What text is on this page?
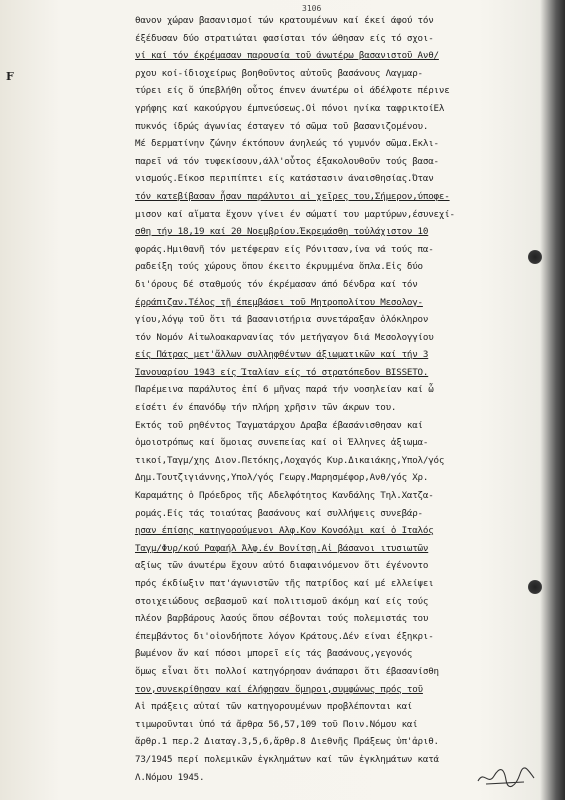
3106
F
θανον χώραν βασανισμοί τών κρατουμένων καί έκεί άφού τόν
έξέδυσαν δύο στρατιώται φασίσται τόν ώθησαν είς τό σχοι-
νί καί τόν έκρέμασαν παρουσία τοῦ άνωτέρω βασανιστοῦ Ανθ/
ρχου κοί-ίδιοχείρως βοηθοῦντος αὐτοῦς βασάνους Λαγμαρ-
τύρει είς ὅ ύπεβλήθη οὗτος έπνεν άνωτέρω οἱ άδέλφοτε πέρινε
γρήφης καί κακούργου έμπνεύσεως.Οἱ πόνοι ηνίκα ταφρικτοίΕλ
πυκνός ίδρώς άγωνίας έσταγεν τό σῶμα τοῦ βασανιζομένου.
Μέ δερματίνην ζώνην έκτόπουν άνηλεώς τό γυμνόν σῶμα.Εκλι-
παρεῖ νά τόν τυφεκίσουν,άλλ'οὗτος έξακολουθοῦν τούς βασα-
νισμούς.Είκοσ περιπίπτει είς κατάστασιν άναισθησίας.Όταν
τόν κατεβίβασαν ἦσαν παράλυτοι αἱ χεῖρες του,Σήμερον,ύποφε-
μισον καί αἵματα ἔχουν γίνει έν σώματί του μαρτύρων,έσυνεχί-
σθη τήν 18,19 καί 20 Νοεμβρίου.Έκρεμάσθη τοὐλάχιστον 10
φοράς.Ημιθανῆ τόν μετέφεραν είς Ρόνιτσαν,ίνα νά τούς πα-
ραδείξη τούς χώρους ὅπου έκειτο έκρυμμένα ὅπλα.Εἰς δύο
δι'όρους δέ σταθμούς τόν έκρέμασαν άπό δένδρα καί τόν
έρράπιζαν.Τέλος τῇ έπεμβάσει τοῦ Μητροπολίτου Μεσολογ-
γίου,λόγῳ τοῦ ὅτι τά βασανιστήρια συνετάραξαν ὁλόκληρον
τόν Νομόν Αἰτωλοακαρνανίας τόν μετήγαγον διά Μεσολογγίου
είς Πάτρας μετ'ἄλλων συλληφθέντων άξιωματικῶν καί τήν 3
Ίανουαρίου 1943 είς Ίταλίαν είς τό στρατόπεδον BISSETO.
Παρέμεινα παράλυτος ἐπί 6 μῆνας παρά τήν νοσηλείαν καί ὦ
είσέτι έν έπανόδῳ τήν πλήρη χρῆσιν τῶν άκρων του.
Εκτός τοῦ ρηθέντος Ταγματάρχου Δραβα έβασάνισθησαν καί
ὁμοιοτρόπως καί ὅμοιας συνεπείας καί οἱ Έλληνες ἀξιωμα-
τικοί,Ταγμ/χης Διον.Πετόκης,Λοχαγός Κυρ.Δικαιάκης,Υπολ/γός
Δημ.Τουτζιγιάννης,Υπολ/γός Γεωργ.Μαρησμέφορ,Ανθ/γός Χρ.
Καραμάτης ὁ Πρόεδρος τῆς Αδελφότητος Κανδάλης Τηλ.Χατζα-
ρομάς.Είς τάς τοιαύτας βασάνους καί συλλήψεις συνεβάρ-
ησαν έπίσης κατηγορούμενοι Αλφ.Κον Κονσόλμι καί ὁ Ιταλός
Ταγμ/Φυρ/κού Ραφαήλ Άλφ.έν Βονίτσῃ.Αἱ βάσανοι ιτυσιωτῶν
αξίως τῶν άνωτέρω ἔχουν αὐτό διαφαινόμενον ὅτι έγένοντο
πρός έκδίωξιν πατ'άγωνιστῶν τῆς πατρίδος καί μέ ελλείψει
στοιχειώδους σεβασμοῦ καί πολιτισμοῦ άκόμη καί είς τούς
πλέον βαρβάρους λαούς ὅπου σέβονται τούς πολεμιστάς του
έπεμβάντος δι'οἱονδήποτε λόγον Κράτους.Δέν είναι έξηκρι-
βωμένον ἄν καί πόσοι μπορεῖ είς τάς βασάνους,γεγονός
ὅμως εἶναι ὅτι πολλοί κατηγόρησαν άνάπαρσι ὅτι έβασανίσθη
τον,συνεκρίθησαν καί έλήφησαν ὅμηροι,συμφώνως πρός τοῦ
Αἱ πράξεις αὐταί τῶν κατηγορουμένων προβλέπονται καί
τιμωροῦνται ὑπό τά ἄρθρα 56,57,109 τοῦ Ποιν.Νόμου καί
ἄρθρ.1 περ.2 Διαταγ.3,5,6,ἄρθρ.8 Διεθνῆς Πράξεως ὑπ'ἀριθ.
73/1945 περί πολεμικῶν ἐγκλημάτων καί τῶν ἐγκλημάτων κατά
Λ.Νόμου 1945.
